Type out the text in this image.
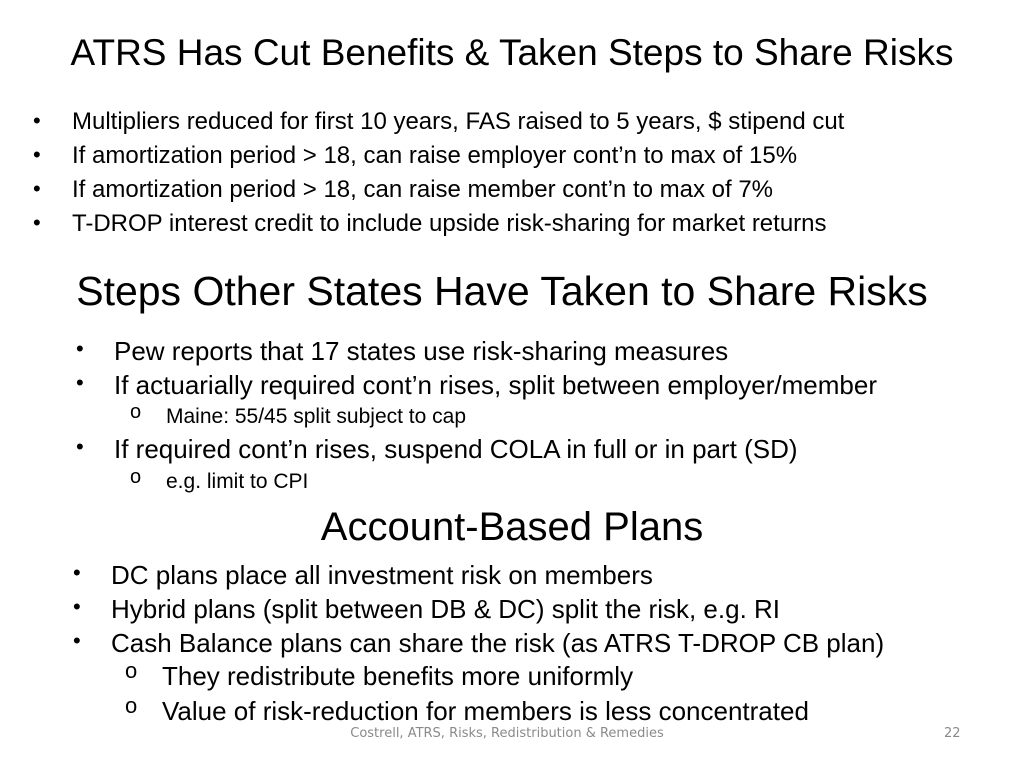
ATRS Has Cut Benefits & Taken Steps to Share Risks
• Multipliers reduced for first 10 years, FAS raised to 5 years, $ stipend cut
• If amortization period > 18, can raise employer cont’n to max of 15%
• If amortization period > 18, can raise member cont’n to max of 7%
• T-DROP interest credit to include upside risk-sharing for market returns
Steps Other States Have Taken to Share Risks
• Pew reports that 17 states use risk-sharing measures
• If actuarially required cont’n rises, split between employer/member
o Maine: 55/45 split subject to cap
• If required cont’n rises, suspend COLA in full or in part (SD)
o e.g. limit to CPI
Account-Based Plans
• DC plans place all investment risk on members
• Hybrid plans (split between DB & DC) split the risk, e.g. RI
• Cash Balance plans can share the risk (as ATRS T-DROP CB plan)
o They redistribute benefits more uniformly
o Value of risk-reduction for members is less concentrated
Costrell, ATRS, Risks, Redistribution & Remedies	22
